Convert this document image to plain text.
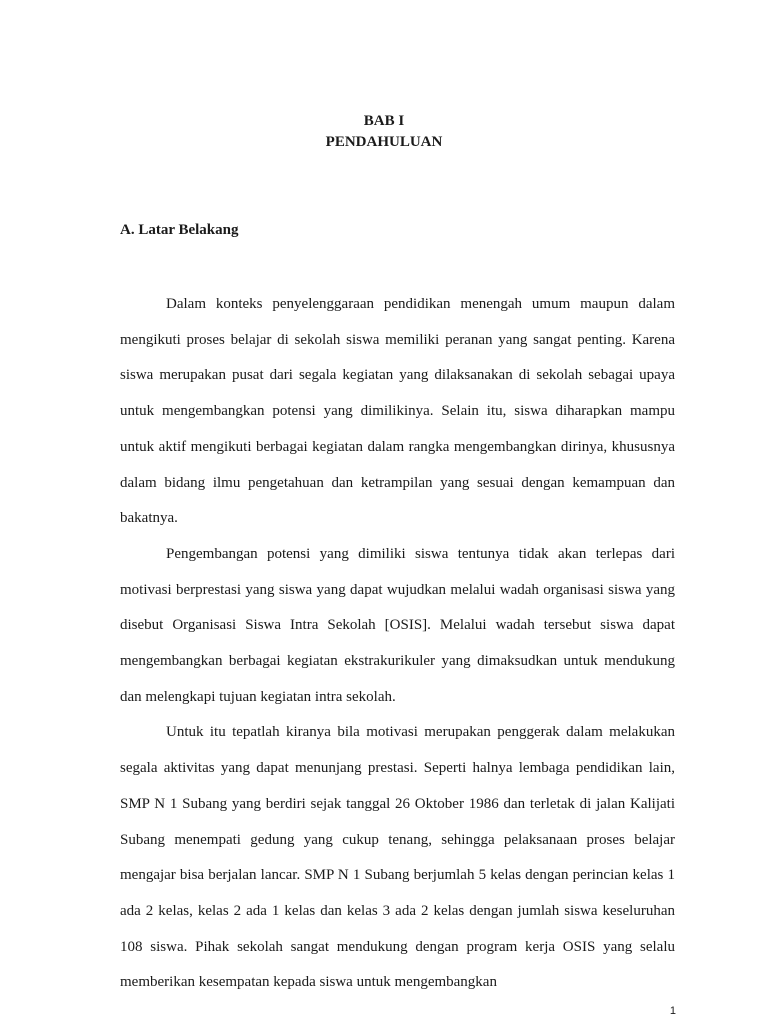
BAB I
PENDAHULUAN
A. Latar Belakang

Dalam konteks penyelenggaraan pendidikan menengah umum maupun dalam mengikuti proses belajar di sekolah siswa memiliki peranan yang sangat penting. Karena siswa merupakan pusat dari segala kegiatan yang dilaksanakan di sekolah sebagai upaya untuk mengembangkan potensi yang dimilikinya. Selain itu, siswa diharapkan mampu untuk aktif mengikuti berbagai kegiatan dalam rangka mengembangkan dirinya, khususnya dalam bidang ilmu pengetahuan dan ketrampilan yang sesuai dengan kemampuan dan bakatnya.

Pengembangan potensi yang dimiliki siswa tentunya tidak akan terlepas dari motivasi berprestasi yang siswa yang dapat wujudkan melalui wadah organisasi siswa yang disebut Organisasi Siswa Intra Sekolah [OSIS]. Melalui wadah tersebut siswa dapat mengembangkan berbagai kegiatan ekstrakurikuler yang dimaksudkan untuk mendukung dan melengkapi tujuan kegiatan intra sekolah.

Untuk itu tepatlah kiranya bila motivasi merupakan penggerak dalam melakukan segala aktivitas yang dapat menunjang prestasi. Seperti halnya lembaga pendidikan lain, SMP N 1 Subang yang berdiri sejak tanggal 26 Oktober 1986 dan terletak di jalan Kalijati Subang menempati gedung yang cukup tenang, sehingga pelaksanaan proses belajar mengajar bisa berjalan lancar. SMP N 1 Subang berjumlah 5 kelas dengan perincian kelas 1 ada 2 kelas, kelas 2 ada 1 kelas dan kelas 3 ada 2 kelas dengan jumlah siswa keseluruhan 108 siswa. Pihak sekolah sangat mendukung dengan program kerja OSIS yang selalu memberikan kesempatan kepada siswa untuk mengembangkan

1
